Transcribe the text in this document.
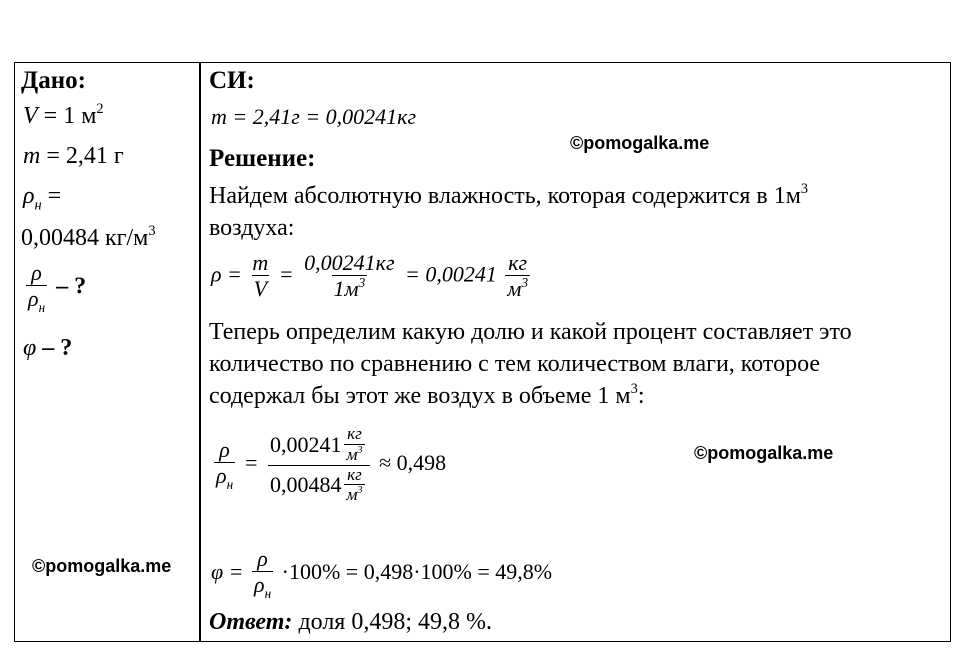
Дано:
V = 1 $м^2$
m = 2,41 г
$\rho_н$ =
0,00484 $кг/м^3$
$\frac{\rho}{\rho_н}$ – ?
φ – ?
СИ:
m = 2,41г = 0,00241кг
Решение:
Найдем абсолютную влажность, которая содержится в $1м^3$
воздуха:
$\rho = \frac{m}{V} = \frac{0,00241кг}{1м^3} = 0,00241 \frac{кг}{м^3}$
Теперь определим какую долю и какой процент составляет это
количество по сравнению с тем количеством влаги, которое
содержал бы этот же воздух в объеме 1 $м^3$:
$\frac{\rho}{\rho_н} = \frac{0,00241 \frac{кг}{м^3}}{0,00484 \frac{кг}{м^3}} \approx 0,498$
$\varphi = \frac{\rho}{\rho_н} \cdot 100\% = 0,498\cdot 100\% = 49,8\%$
Ответ: доля 0,498; 49,8 %.
©pomogalka.me
©pomogalka.me
©pomogalka.me
